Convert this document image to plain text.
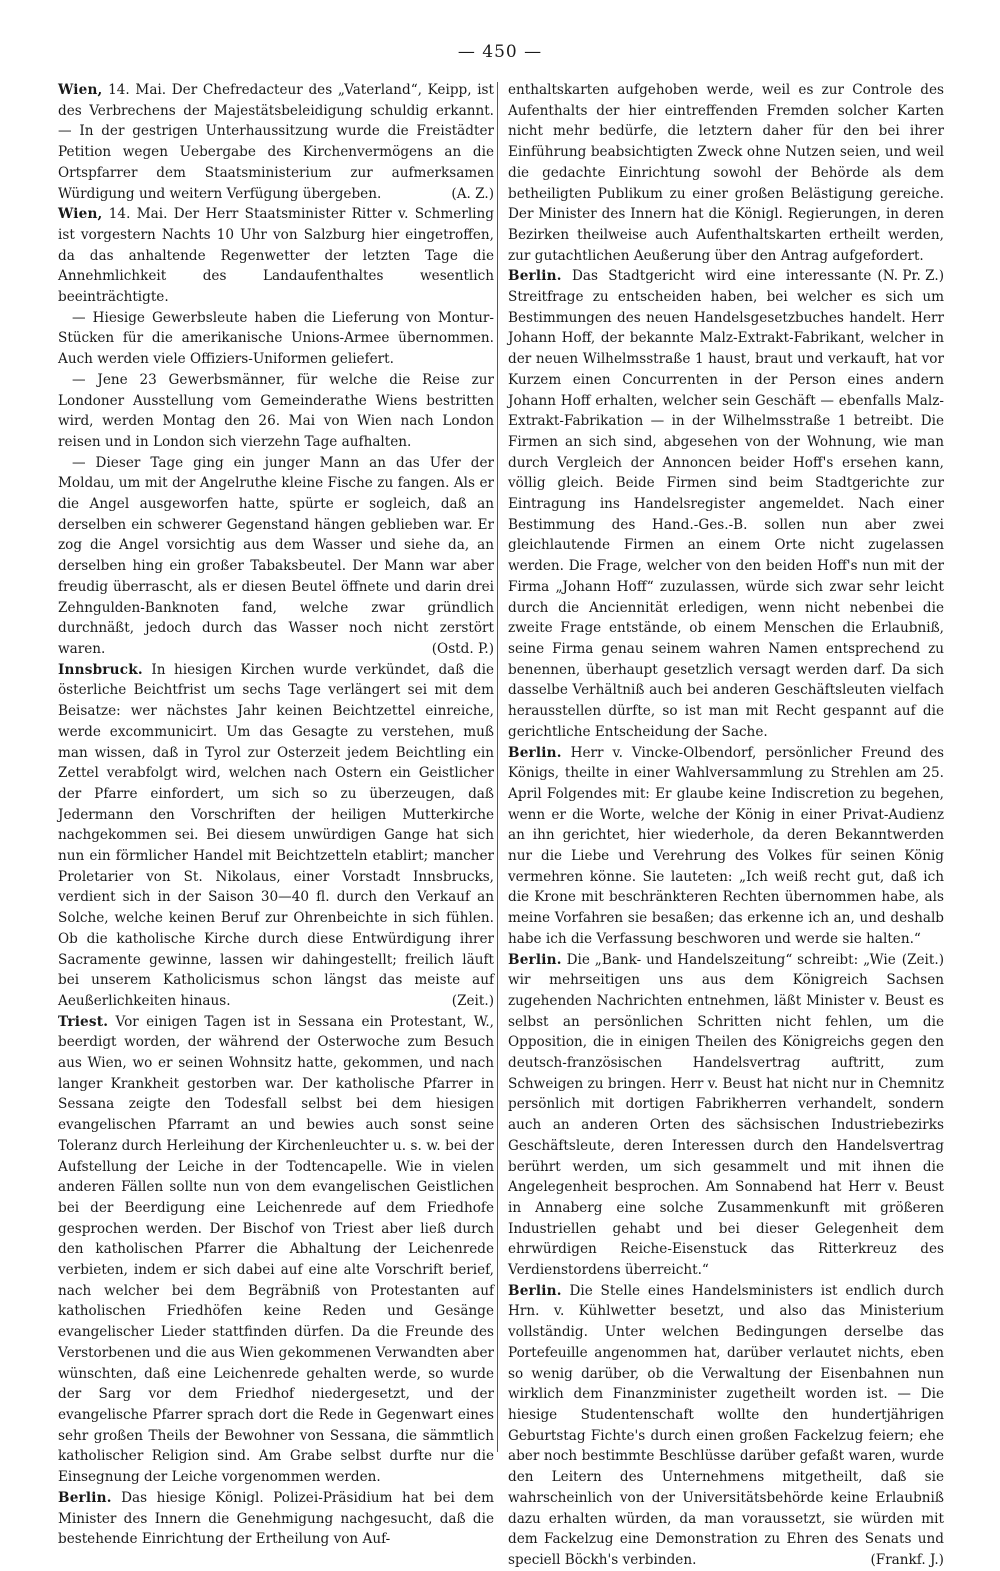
— 450 —

Wien, 14. Mai. Der Chefredacteur des „Vaterland“, Keipp, ist des Verbrechens der Majestätsbeleidigung schuldig erkannt. — In der gestrigen Unterhaussitzung wurde die Freistädter Petition wegen Uebergabe des Kirchenvermögens an die Ortspfarrer dem Staatsministerium zur aufmerksamen Würdigung und weitern Verfügung übergeben.	(A. Z.)

Wien, 14. Mai. Der Herr Staatsminister Ritter v. Schmerling ist vorgestern Nachts 10 Uhr von Salzburg hier eingetroffen, da das anhaltende Regenwetter der letzten Tage die Annehmlichkeit des Landaufenthaltes wesentlich beeinträchtigte.

— Hiesige Gewerbsleute haben die Lieferung von Montur-Stücken für die amerikanische Unions-Armee übernommen. Auch werden viele Offiziers-Uniformen geliefert.

— Jene 23 Gewerbsmänner, für welche die Reise zur Londoner Ausstellung vom Gemeinderathe Wiens bestritten wird, werden Montag den 26. Mai von Wien nach London reisen und in London sich vierzehn Tage aufhalten.

— Dieser Tage ging ein junger Mann an das Ufer der Moldau, um mit der Angelruthe kleine Fische zu fangen. Als er die Angel ausgeworfen hatte, spürte er sogleich, daß an derselben ein schwerer Gegenstand hängen geblieben war. Er zog die Angel vorsichtig aus dem Wasser und siehe da, an derselben hing ein großer Tabaksbeutel. Der Mann war aber freudig überrascht, als er diesen Beutel öffnete und darin drei Zehngulden-Banknoten fand, welche zwar gründlich durchnäßt, jedoch durch das Wasser noch nicht zerstört waren.	(Ostd. P.)

Innsbruck. In hiesigen Kirchen wurde verkündet, daß die österliche Beichtfrist um sechs Tage verlängert sei mit dem Beisatze: wer nächstes Jahr keinen Beichtzettel einreiche, werde excommunicirt. Um das Gesagte zu verstehen, muß man wissen, daß in Tyrol zur Osterzeit jedem Beichtling ein Zettel verabfolgt wird, welchen nach Ostern ein Geistlicher der Pfarre einfordert, um sich so zu überzeugen, daß Jedermann den Vorschriften der heiligen Mutterkirche nachgekommen sei. Bei diesem unwürdigen Gange hat sich nun ein förmlicher Handel mit Beichtzetteln etablirt; mancher Proletarier von St. Nikolaus, einer Vorstadt Innsbrucks, verdient sich in der Saison 30—40 fl. durch den Verkauf an Solche, welche keinen Beruf zur Ohrenbeichte in sich fühlen. Ob die katholische Kirche durch diese Entwürdigung ihrer Sacramente gewinne, lassen wir dahingestellt; freilich läuft bei unserem Katholicismus schon längst das meiste auf Aeußerlichkeiten hinaus.	(Zeit.)

Triest. Vor einigen Tagen ist in Sessana ein Protestant, W., beerdigt worden, der während der Osterwoche zum Besuch aus Wien, wo er seinen Wohnsitz hatte, gekommen, und nach langer Krankheit gestorben war. Der katholische Pfarrer in Sessana zeigte den Todesfall selbst bei dem hiesigen evangelischen Pfarramt an und bewies auch sonst seine Toleranz durch Herleihung der Kirchenleuchter u. s. w. bei der Aufstellung der Leiche in der Todtencapelle. Wie in vielen anderen Fällen sollte nun von dem evangelischen Geistlichen bei der Beerdigung eine Leichenrede auf dem Friedhofe gesprochen werden. Der Bischof von Triest aber ließ durch den katholischen Pfarrer die Abhaltung der Leichenrede verbieten, indem er sich dabei auf eine alte Vorschrift berief, nach welcher bei dem Begräbniß von Protestanten auf katholischen Friedhöfen keine Reden und Gesänge evangelischer Lieder stattfinden dürfen. Da die Freunde des Verstorbenen und die aus Wien gekommenen Verwandten aber wünschten, daß eine Leichenrede gehalten werde, so wurde der Sarg vor dem Friedhof niedergesetzt, und der evangelische Pfarrer sprach dort die Rede in Gegenwart eines sehr großen Theils der Bewohner von Sessana, die sämmtlich katholischer Religion sind. Am Grabe selbst durfte nur die Einsegnung der Leiche vorgenommen werden.

Berlin. Das hiesige Königl. Polizei-Präsidium hat bei dem Minister des Innern die Genehmigung nachgesucht, daß die bestehende Einrichtung der Ertheilung von Auf-

enthaltskarten aufgehoben werde, weil es zur Controle des Aufenthalts der hier eintreffenden Fremden solcher Karten nicht mehr bedürfe, die letztern daher für den bei ihrer Einführung beabsichtigten Zweck ohne Nutzen seien, und weil die gedachte Einrichtung sowohl der Behörde als dem betheiligten Publikum zu einer großen Belästigung gereiche. Der Minister des Innern hat die Königl. Regierungen, in deren Bezirken theilweise auch Aufenthaltskarten ertheilt werden, zur gutachtlichen Aeußerung über den Antrag aufgefordert.
(N. Pr. Z.)

Berlin. Das Stadtgericht wird eine interessante Streitfrage zu entscheiden haben, bei welcher es sich um Bestimmungen des neuen Handelsgesetzbuches handelt. Herr Johann Hoff, der bekannte Malz-Extrakt-Fabrikant, welcher in der neuen Wilhelmsstraße 1 haust, braut und verkauft, hat vor Kurzem einen Concurrenten in der Person eines andern Johann Hoff erhalten, welcher sein Geschäft — ebenfalls Malz-Extrakt-Fabrikation — in der Wilhelmsstraße 1 betreibt. Die Firmen an sich sind, abgesehen von der Wohnung, wie man durch Vergleich der Annoncen beider Hoff's ersehen kann, völlig gleich. Beide Firmen sind beim Stadtgerichte zur Eintragung ins Handelsregister angemeldet. Nach einer Bestimmung des Hand.-Ges.-B. sollen nun aber zwei gleichlautende Firmen an einem Orte nicht zugelassen werden. Die Frage, welcher von den beiden Hoff's nun mit der Firma „Johann Hoff“ zuzulassen, würde sich zwar sehr leicht durch die Anciennität erledigen, wenn nicht nebenbei die zweite Frage entstände, ob einem Menschen die Erlaubniß, seine Firma genau seinem wahren Namen entsprechend zu benennen, überhaupt gesetzlich versagt werden darf. Da sich dasselbe Verhältniß auch bei anderen Geschäftsleuten vielfach herausstellen dürfte, so ist man mit Recht gespannt auf die gerichtliche Entscheidung der Sache.

Berlin. Herr v. Vincke-Olbendorf, persönlicher Freund des Königs, theilte in einer Wahlversammlung zu Strehlen am 25. April Folgendes mit: Er glaube keine Indiscretion zu begehen, wenn er die Worte, welche der König in einer Privat-Audienz an ihn gerichtet, hier wiederhole, da deren Bekanntwerden nur die Liebe und Verehrung des Volkes für seinen König vermehren könne. Sie lauteten: „Ich weiß recht gut, daß ich die Krone mit beschränkteren Rechten übernommen habe, als meine Vorfahren sie besaßen; das erkenne ich an, und deshalb habe ich die Verfassung beschworen und werde sie halten.“
(Zeit.)

Berlin. Die „Bank- und Handelszeitung“ schreibt: „Wie wir mehrseitigen uns aus dem Königreich Sachsen zugehenden Nachrichten entnehmen, läßt Minister v. Beust es selbst an persönlichen Schritten nicht fehlen, um die Opposition, die in einigen Theilen des Königreichs gegen den deutsch-französischen Handelsvertrag auftritt, zum Schweigen zu bringen. Herr v. Beust hat nicht nur in Chemnitz persönlich mit dortigen Fabrikherren verhandelt, sondern auch an anderen Orten des sächsischen Industriebezirks Geschäftsleute, deren Interessen durch den Handelsvertrag berührt werden, um sich gesammelt und mit ihnen die Angelegenheit besprochen. Am Sonnabend hat Herr v. Beust in Annaberg eine solche Zusammenkunft mit größeren Industriellen gehabt und bei dieser Gelegenheit dem ehrwürdigen Reiche-Eisenstuck das Ritterkreuz des Verdienstordens überreicht.“

Berlin. Die Stelle eines Handelsministers ist endlich durch Hrn. v. Kühlwetter besetzt, und also das Ministerium vollständig. Unter welchen Bedingungen derselbe das Portefeuille angenommen hat, darüber verlautet nichts, eben so wenig darüber, ob die Verwaltung der Eisenbahnen nun wirklich dem Finanzminister zugetheilt worden ist. — Die hiesige Studentenschaft wollte den hundertjährigen Geburtstag Fichte's durch einen großen Fackelzug feiern; ehe aber noch bestimmte Beschlüsse darüber gefaßt waren, wurde den Leitern des Unternehmens mitgetheilt, daß sie wahrscheinlich von der Universitätsbehörde keine Erlaubniß dazu erhalten würden, da man voraussetzt, sie würden mit dem Fackelzug eine Demonstration zu Ehren des Senats und speciell Böckh's verbinden.	(Frankf. J.)
